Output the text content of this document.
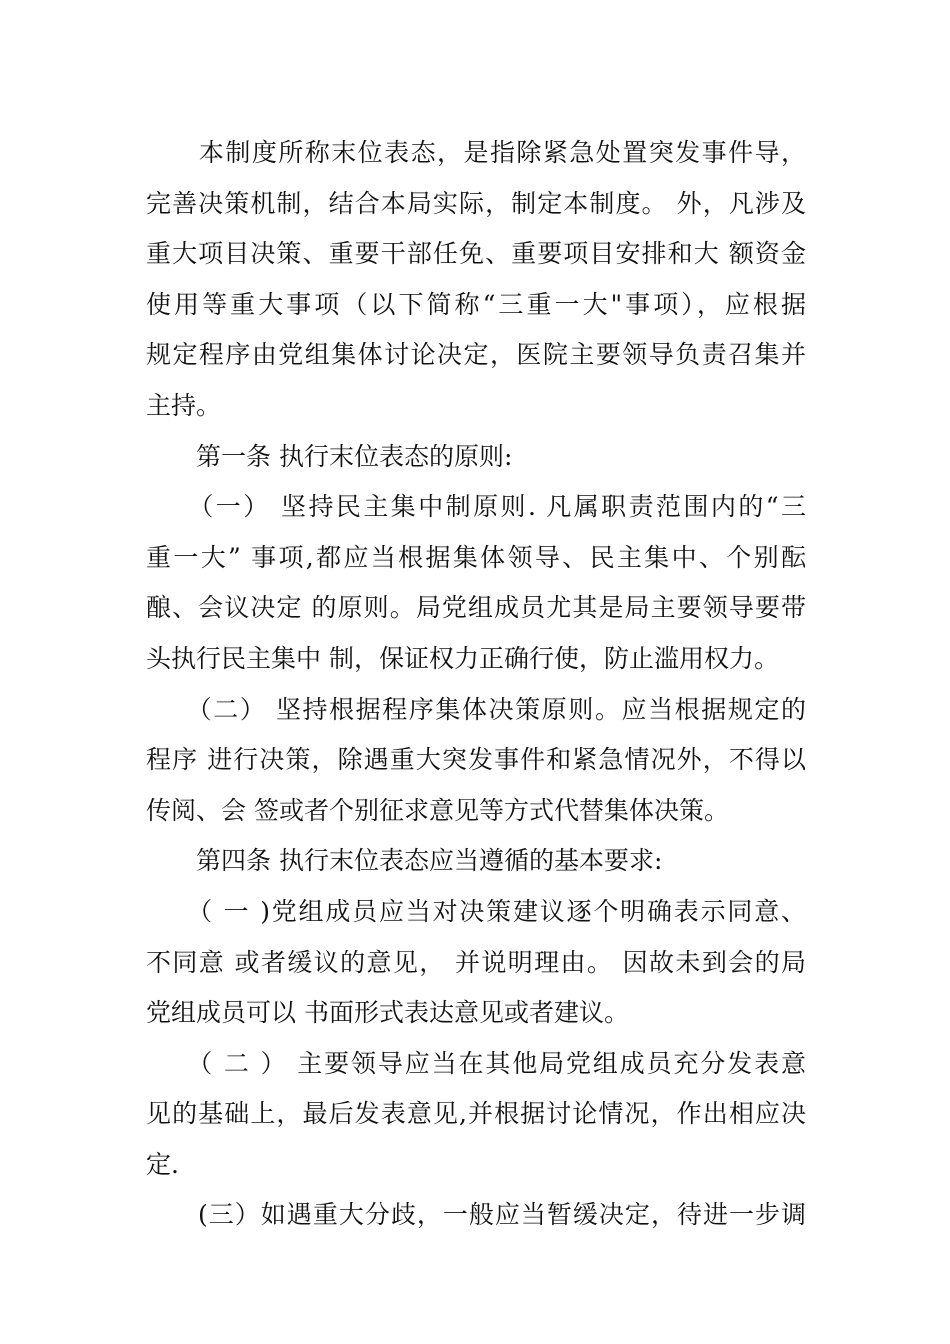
　　本制度所称末位表态，是指除紧急处置突发事件导，
完善决策机制，结合本局实际，制定本制度。 外，凡涉及
重大项目决策、重要干部任免、重要项目安排和大 额资金
使用等重大事项（以下简称“三重一大"事项），应根据
规定程序由党组集体讨论决定，医院主要领导负责召集并
主持。
　　第一条 执行末位表态的原则:
　　（一） 坚持民主集中制原则. 凡属职责范围内的“三
重一大” 事项,都应当根据集体领导、民主集中、个别酝
酿、会议决定 的原则。局党组成员尤其是局主要领导要带
头执行民主集中 制，保证权力正确行使，防止滥用权力。
　　（二） 坚持根据程序集体决策原则。应当根据规定的
程序 进行决策，除遇重大突发事件和紧急情况外，不得以
传阅、会 签或者个别征求意见等方式代替集体决策。
　　第四条 执行末位表态应当遵循的基本要求:
　　（ 一 )党组成员应当对决策建议逐个明确表示同意、
不同意 或者缓议的意见， 并说明理由。 因故未到会的局
党组成员可以 书面形式表达意见或者建议。
　　（ 二 ） 主要领导应当在其他局党组成员充分发表意
见的基础上，最后发表意见,并根据讨论情况，作出相应决
定.
　　(三）如遇重大分歧，一般应当暂缓决定，待进一步调
